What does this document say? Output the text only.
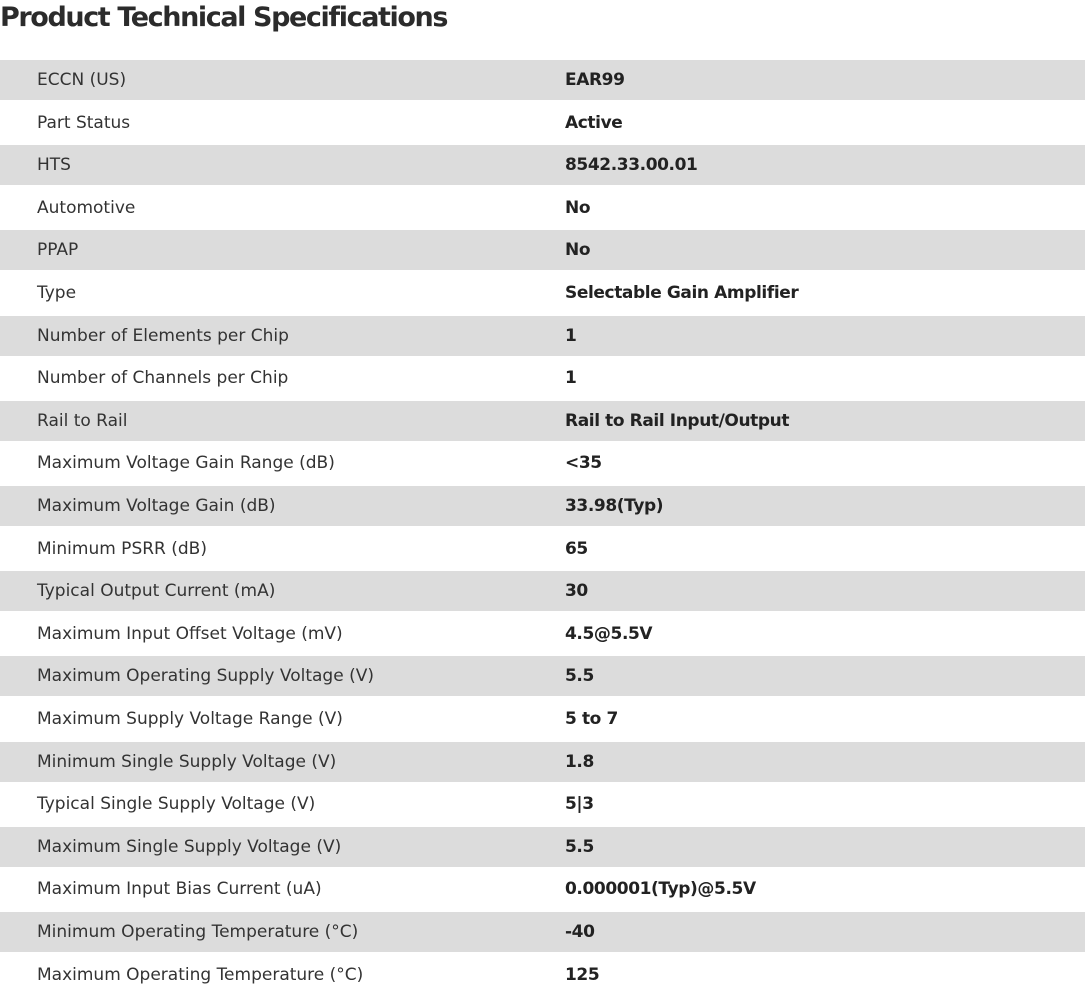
Product Technical Specifications
ECCN (US)	EAR99
Part Status	Active
HTS	8542.33.00.01
Automotive	No
PPAP	No
Type	Selectable Gain Amplifier
Number of Elements per Chip	1
Number of Channels per Chip	1
Rail to Rail	Rail to Rail Input/Output
Maximum Voltage Gain Range (dB)	<35
Maximum Voltage Gain (dB)	33.98(Typ)
Minimum PSRR (dB)	65
Typical Output Current (mA)	30
Maximum Input Offset Voltage (mV)	4.5@5.5V
Maximum Operating Supply Voltage (V)	5.5
Maximum Supply Voltage Range (V)	5 to 7
Minimum Single Supply Voltage (V)	1.8
Typical Single Supply Voltage (V)	5|3
Maximum Single Supply Voltage (V)	5.5
Maximum Input Bias Current (uA)	0.000001(Typ)@5.5V
Minimum Operating Temperature (°C)	-40
Maximum Operating Temperature (°C)	125
